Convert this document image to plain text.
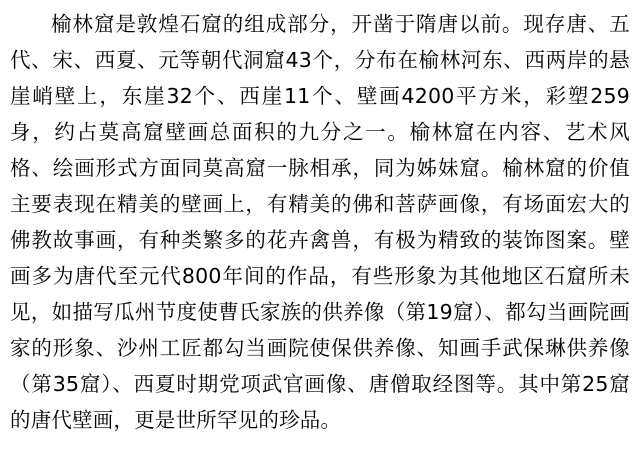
榆林窟是敦煌石窟的组成部分，开凿于隋唐以前。现存唐、五代、宋、西夏、元等朝代洞窟43个，分布在榆林河东、西两岸的悬崖峭壁上，东崖32个、西崖11个、壁画4200平方米，彩塑259身，约占莫高窟壁画总面积的九分之一。榆林窟在内容、艺术风格、绘画形式方面同莫高窟一脉相承，同为姊妹窟。榆林窟的价值主要表现在精美的壁画上，有精美的佛和菩萨画像，有场面宏大的佛教故事画，有种类繁多的花卉禽兽，有极为精致的装饰图案。壁画多为唐代至元代800年间的作品，有些形象为其他地区石窟所未见，如描写瓜州节度使曹氏家族的供养像（第19窟）、都勾当画院画家的形象、沙州工匠都勾当画院使保供养像、知画手武保琳供养像（第35窟）、西夏时期党项武官画像、唐僧取经图等。其中第25窟的唐代壁画，更是世所罕见的珍品。
